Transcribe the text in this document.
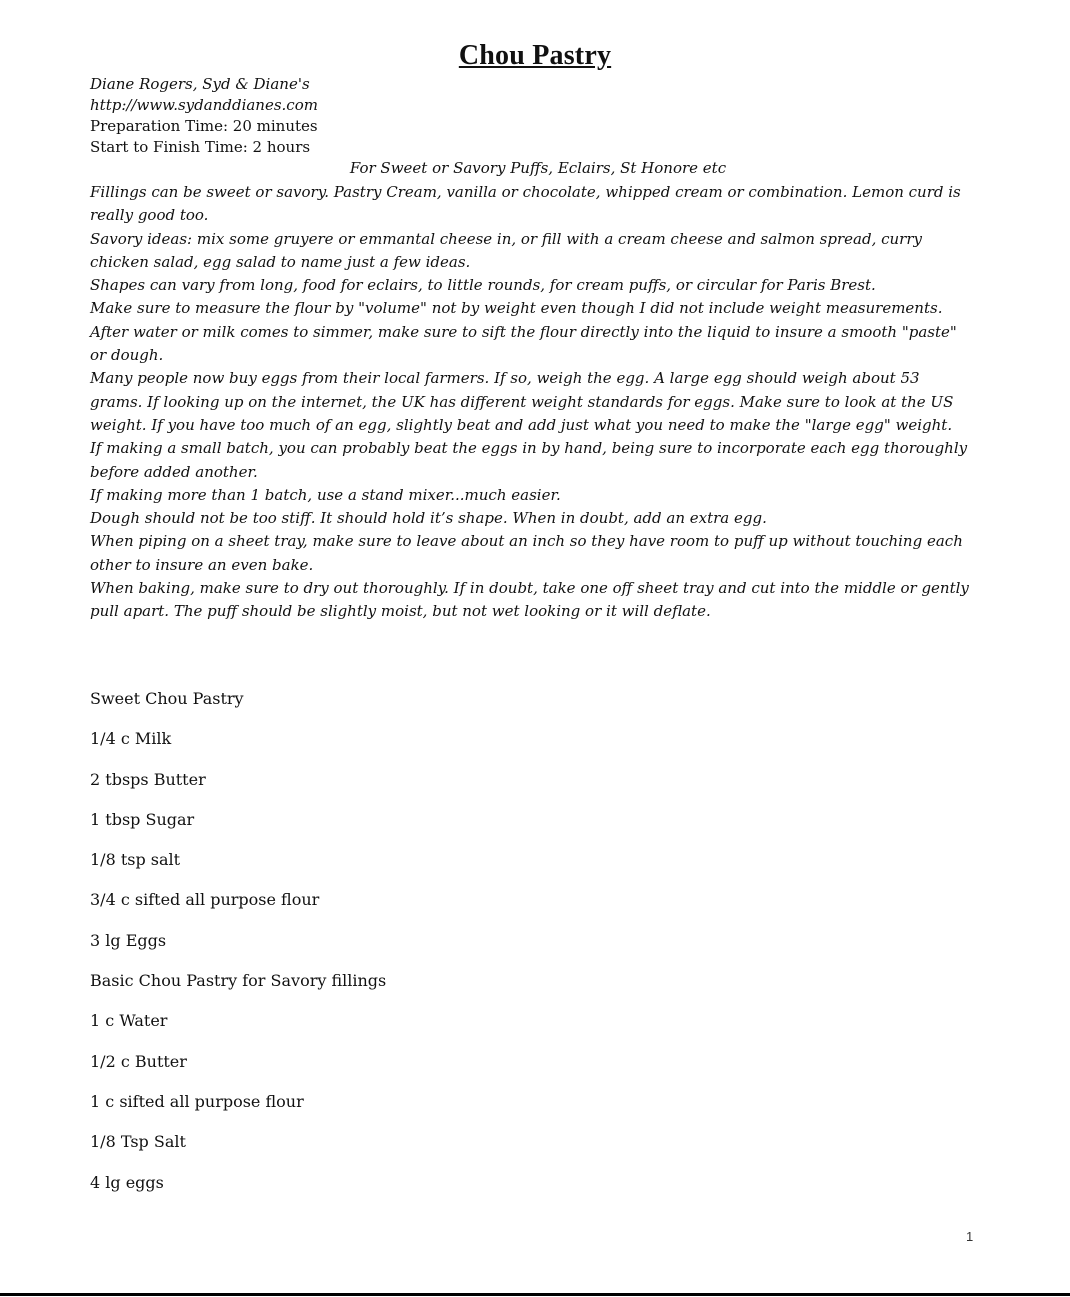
Chou Pastry
Diane Rogers, Syd & Diane's
http://www.sydanddianes.com
Preparation Time: 20 minutes
Start to Finish Time: 2 hours
For Sweet or Savory Puffs, Eclairs, St Honore etc

Fillings can be sweet or savory. Pastry Cream, vanilla or chocolate, whipped cream or combination. Lemon curd is really good too.

Savory ideas: mix some gruyere or emmantal cheese in, or fill with a cream cheese and salmon spread, curry chicken salad, egg salad to name just a few ideas.

Shapes can vary from long, food for eclairs, to little rounds, for cream puffs, or circular for Paris Brest.

Make sure to measure the flour by "volume" not by weight even though I did not include weight measurements.

After water or milk comes to simmer, make sure to sift the flour directly into the liquid to insure a smooth "paste" or dough.

Many people now buy eggs from their local farmers. If so, weigh the egg. A large egg should weigh about 53 grams. If looking up on the internet, the UK has different weight standards for eggs. Make sure to look at the US weight. If you have too much of an egg, slightly beat and add just what you need to make the "large egg" weight.

If making a small batch, you can probably beat the eggs in by hand, being sure to incorporate each egg thoroughly before added another.

If making more than 1 batch, use a stand mixer...much easier.

Dough should not be too stiff. It should hold it’s shape. When in doubt, add an extra egg.

When piping on a sheet tray, make sure to leave about an inch so they have room to puff up without touching each other to insure an even bake.

When baking, make sure to dry out thoroughly. If in doubt, take one off sheet tray and cut into the middle or gently pull apart. The puff should be slightly moist, but not wet looking or it will deflate.

Sweet Chou Pastry
1/4 c Milk
2 tbsps Butter
1 tbsp Sugar
1/8 tsp salt
3/4 c sifted all purpose flour
3 lg Eggs
Basic Chou Pastry for Savory fillings
1 c Water
1/2 c Butter
1 c sifted all purpose flour
1/8 Tsp Salt
4 lg eggs
1
